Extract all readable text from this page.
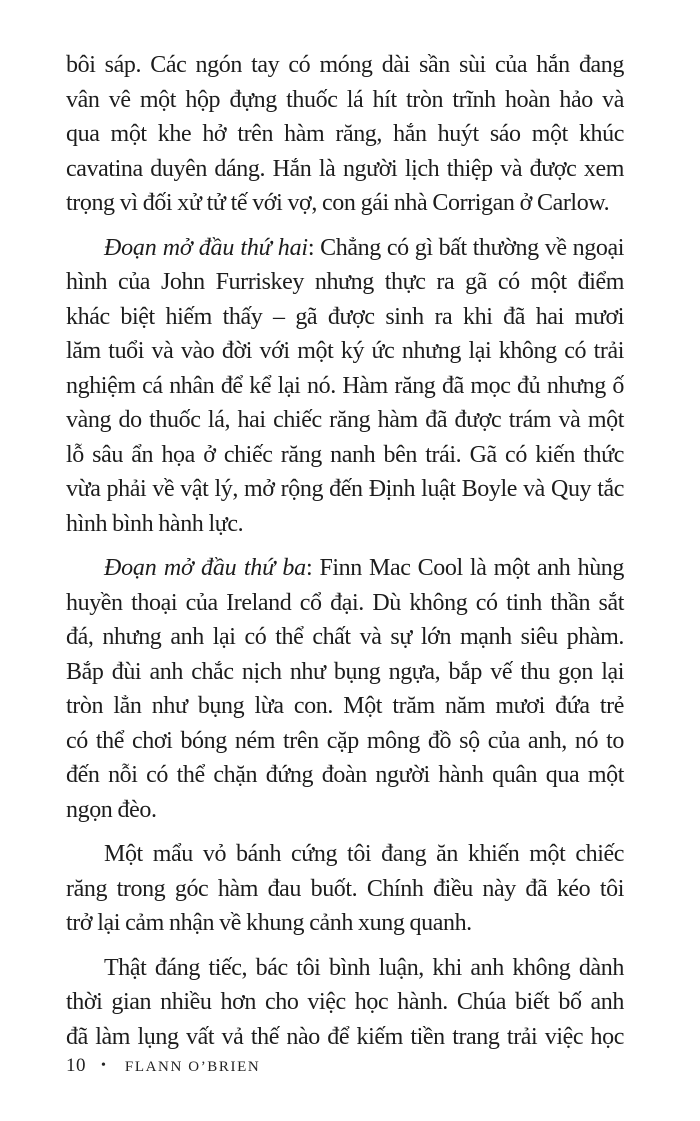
bôi sáp. Các ngón tay có móng dài sần sùi của hắn đang
vân vê một hộp đựng thuốc lá hít tròn trĩnh hoàn hảo và
qua một khe hở trên hàm răng, hắn huýt sáo một khúc
cavatina duyên dáng. Hắn là người lịch thiệp và được xem
trọng vì đối xử tử tế với vợ, con gái nhà Corrigan ở Carlow.

Đoạn mở đầu thứ hai: Chẳng có gì bất thường về ngoại
hình của John Furriskey nhưng thực ra gã có một điểm
khác biệt hiếm thấy – gã được sinh ra khi đã hai mươi
lăm tuổi và vào đời với một ký ức nhưng lại không có trải
nghiệm cá nhân để kể lại nó. Hàm răng đã mọc đủ nhưng ố
vàng do thuốc lá, hai chiếc răng hàm đã được trám và một
lỗ sâu ẩn họa ở chiếc răng nanh bên trái. Gã có kiến thức
vừa phải về vật lý, mở rộng đến Định luật Boyle và Quy tắc
hình bình hành lực.

Đoạn mở đầu thứ ba: Finn Mac Cool là một anh hùng
huyền thoại của Ireland cổ đại. Dù không có tinh thần sắt
đá, nhưng anh lại có thể chất và sự lớn mạnh siêu phàm.
Bắp đùi anh chắc nịch như bụng ngựa, bắp vế thu gọn lại
tròn lẳn như bụng lừa con. Một trăm năm mươi đứa trẻ
có thể chơi bóng ném trên cặp mông đồ sộ của anh, nó to
đến nỗi có thể chặn đứng đoàn người hành quân qua một
ngọn đèo.

Một mẩu vỏ bánh cứng tôi đang ăn khiến một chiếc
răng trong góc hàm đau buốt. Chính điều này đã kéo tôi
trở lại cảm nhận về khung cảnh xung quanh.

Thật đáng tiếc, bác tôi bình luận, khi anh không dành
thời gian nhiều hơn cho việc học hành. Chúa biết bố anh
đã làm lụng vất vả thế nào để kiếm tiền trang trải việc học

10 • FLANN O’BRIEN
